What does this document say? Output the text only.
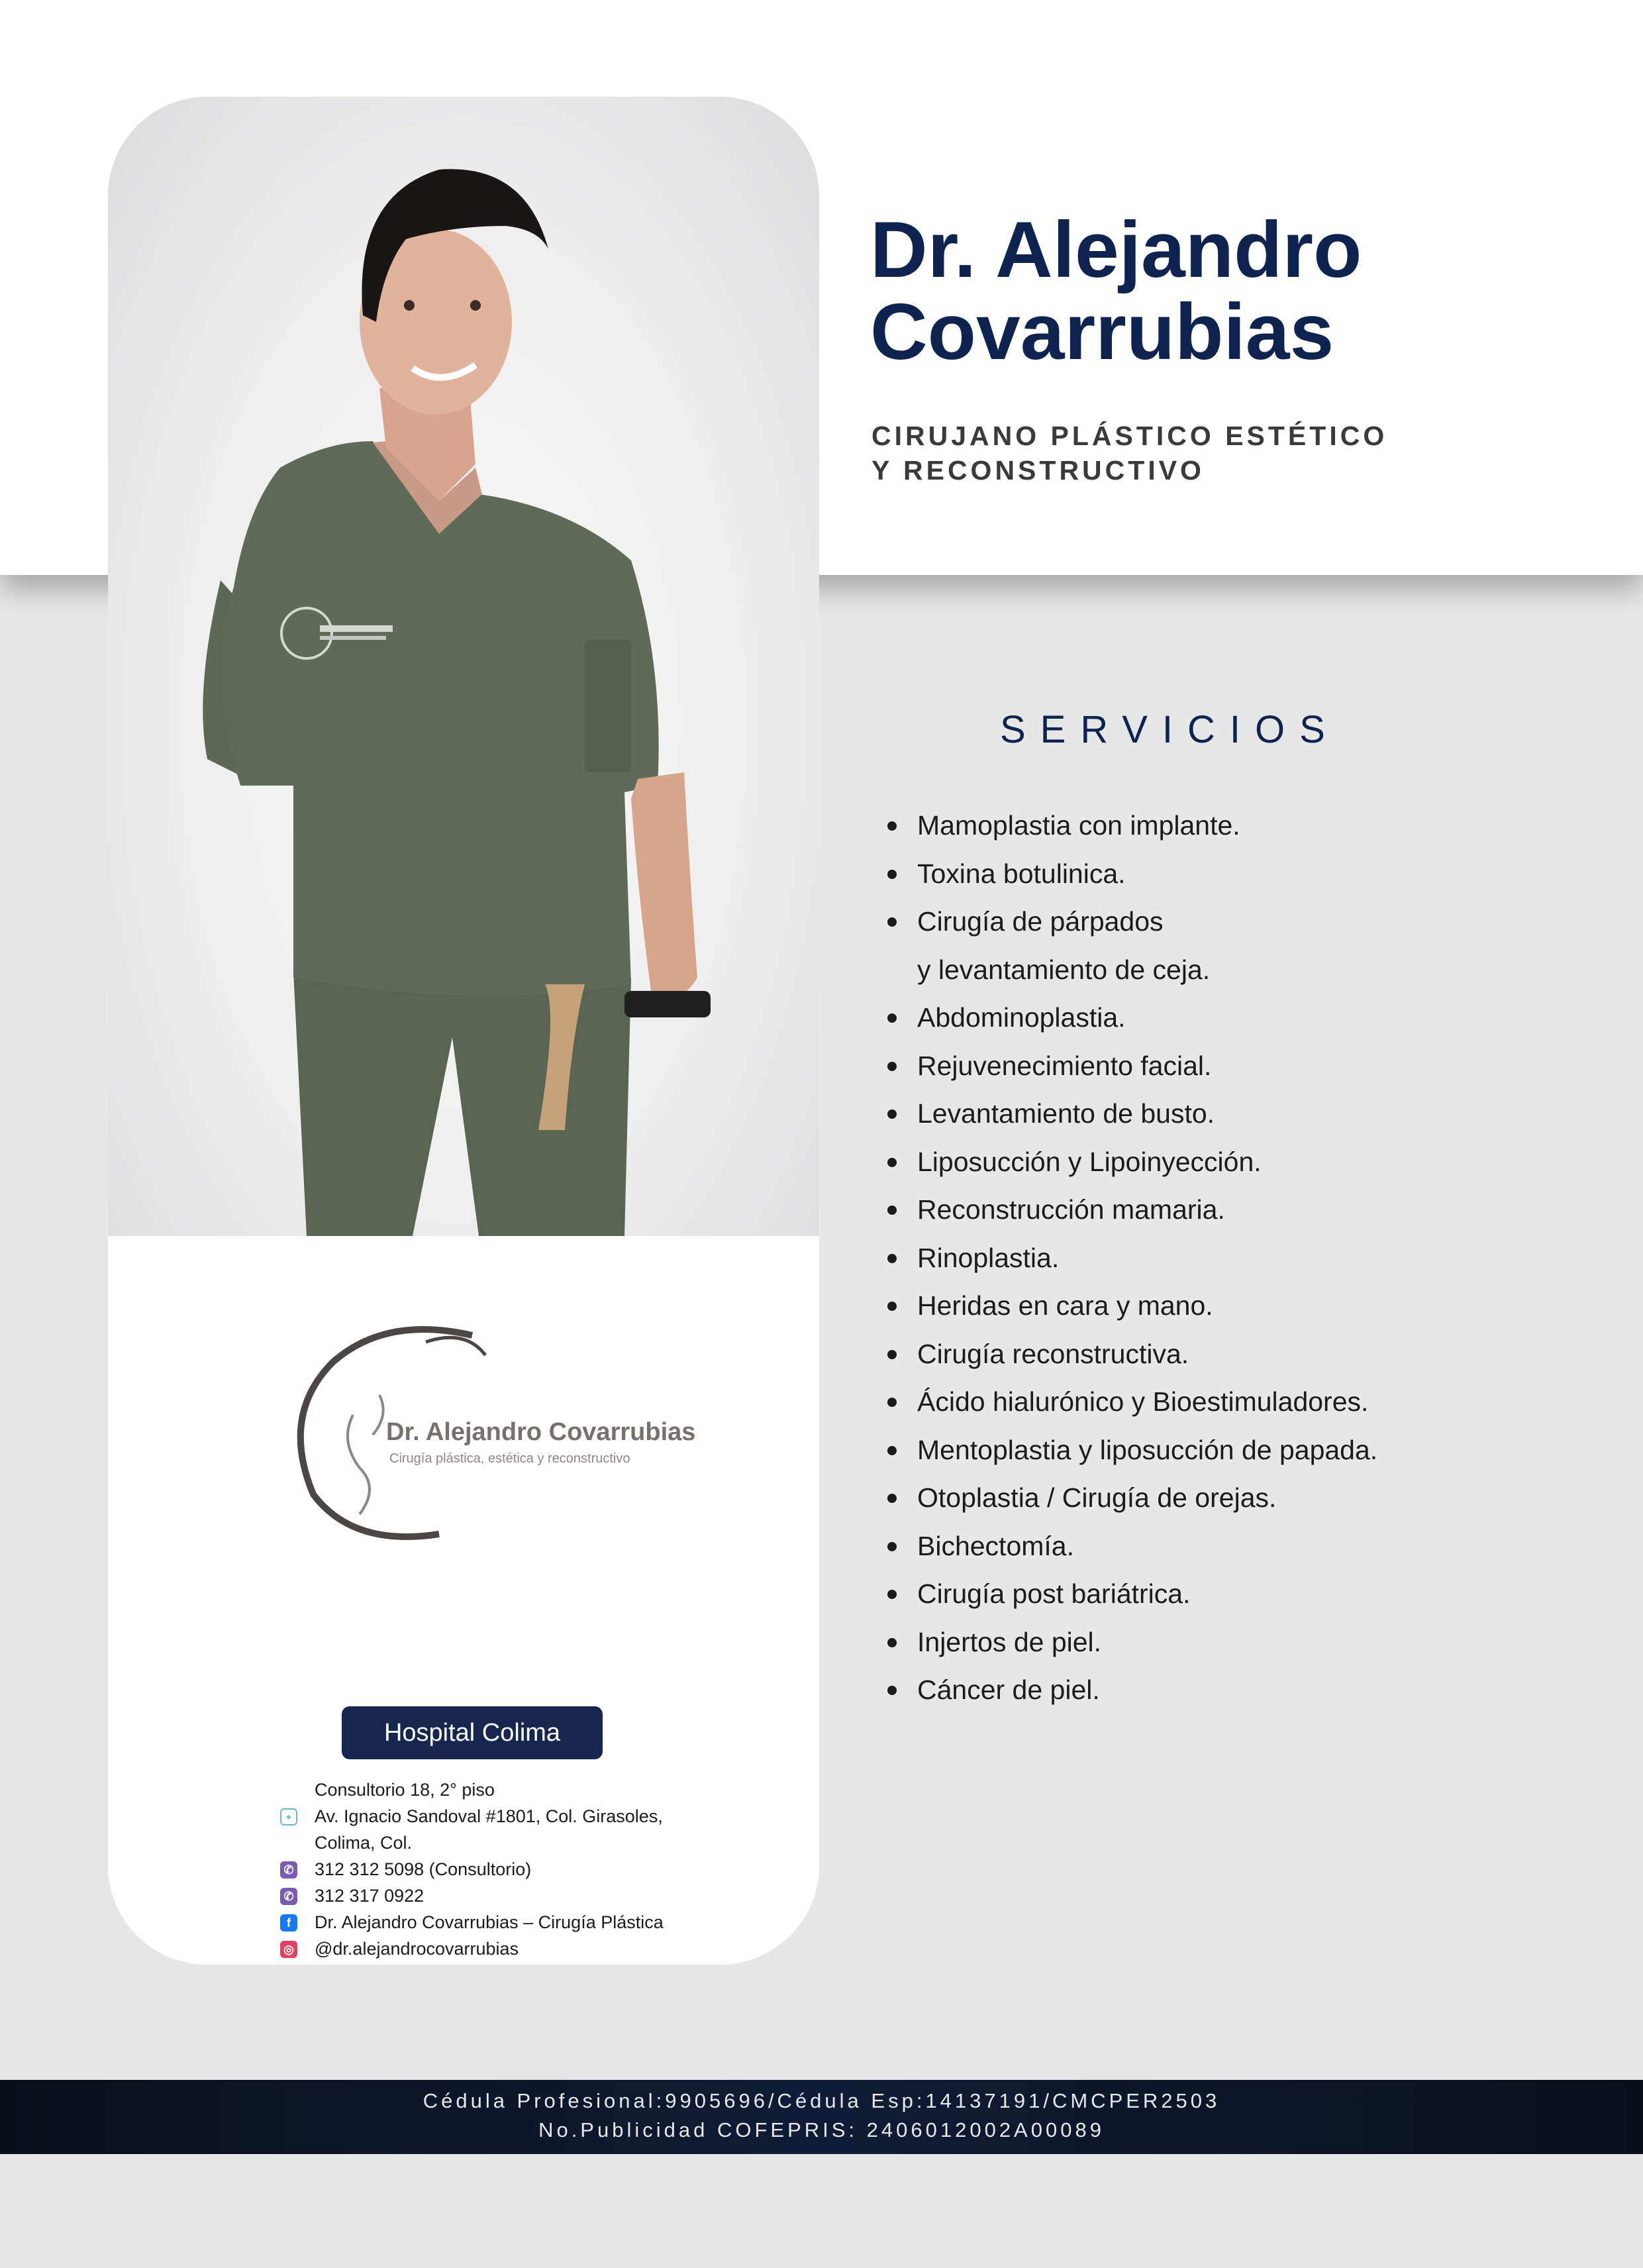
Dr. Alejandro Covarrubias
Cirugía plástica, estética y reconstructivo
Hospital Colima
Consultorio 18, 2° piso
⌖	Av. Ignacio Sandoval #1801, Col. Girasoles,
Colima, Col.
✆ 312 312 5098 (Consultorio)
✆ 312 317 0922
f	Dr. Alejandro Covarrubias – Cirugía Plástica
◎ @dr.alejandrocovarrubias
Dr. Alejandro
Covarrubias
CIRUJANO PLÁSTICO ESTÉTICO
Y RECONSTRUCTIVO
SERVICIOS
Mamoplastia con implante.
Toxina botulinica.
Cirugía de párpados
y levantamiento de ceja.
Abdominoplastia.
Rejuvenecimiento facial.
Levantamiento de busto.
Liposucción y Lipoinyección.
Reconstrucción mamaria.
Rinoplastia.
Heridas en cara y mano.
Cirugía reconstructiva.
Ácido hialurónico y Bioestimuladores.
Mentoplastia y liposucción de papada.
Otoplastia / Cirugía de orejas.
Bichectomía.
Cirugía post bariátrica.
Injertos de piel.
Cáncer de piel.
Cédula Profesional:9905696/Cédula Esp:14137191/CMCPER2503
No.Publicidad COFEPRIS: 2406012002A00089
